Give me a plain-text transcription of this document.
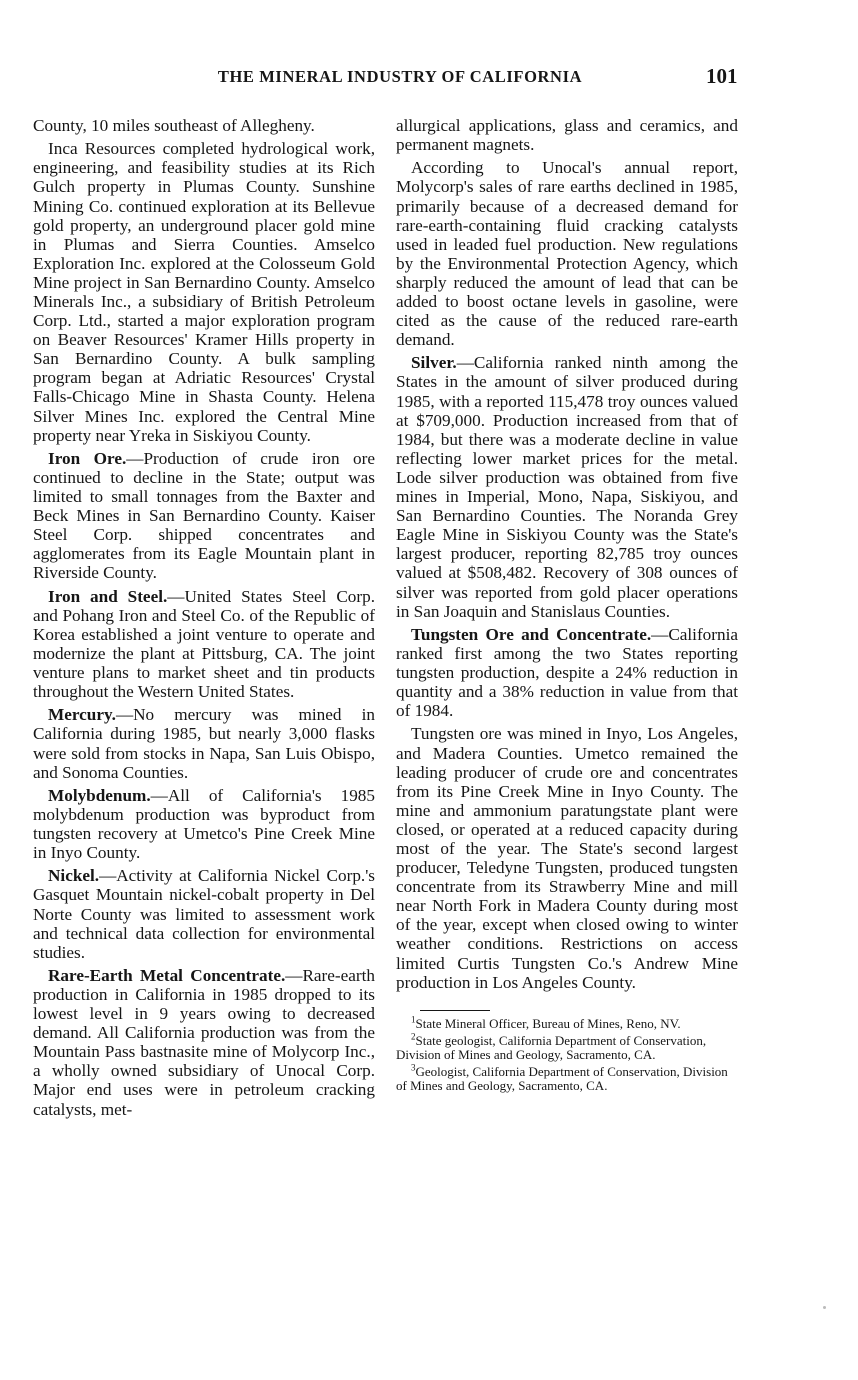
THE MINERAL INDUSTRY OF CALIFORNIA	101

County, 10 miles southeast of Allegheny.

Inca Resources completed hydrological work, engineering, and feasibility studies at its Rich Gulch property in Plumas County. Sunshine Mining Co. continued exploration at its Bellevue gold property, an underground placer gold mine in Plumas and Sierra Counties. Amselco Exploration Inc. explored at the Colosseum Gold Mine project in San Bernardino County. Amselco Minerals Inc., a subsidiary of British Petroleum Corp. Ltd., started a major exploration program on Beaver Resources' Kramer Hills property in San Bernardino County. A bulk sampling program began at Adriatic Resources' Crystal Falls-Chicago Mine in Shasta County. Helena Silver Mines Inc. explored the Central Mine property near Yreka in Siskiyou County.

Iron Ore.—Production of crude iron ore continued to decline in the State; output was limited to small tonnages from the Baxter and Beck Mines in San Bernardino County. Kaiser Steel Corp. shipped concentrates and agglomerates from its Eagle Mountain plant in Riverside County.

Iron and Steel.—United States Steel Corp. and Pohang Iron and Steel Co. of the Republic of Korea established a joint venture to operate and modernize the plant at Pittsburg, CA. The joint venture plans to market sheet and tin products throughout the Western United States.

Mercury.—No mercury was mined in California during 1985, but nearly 3,000 flasks were sold from stocks in Napa, San Luis Obispo, and Sonoma Counties.

Molybdenum.—All of California's 1985 molybdenum production was byproduct from tungsten recovery at Umetco's Pine Creek Mine in Inyo County.

Nickel.—Activity at California Nickel Corp.'s Gasquet Mountain nickel-cobalt property in Del Norte County was limited to assessment work and technical data collection for environmental studies.

Rare-Earth Metal Concentrate.—Rare-earth production in California in 1985 dropped to its lowest level in 9 years owing to decreased demand. All California production was from the Mountain Pass bastnasite mine of Molycorp Inc., a wholly owned subsidiary of Unocal Corp. Major end uses were in petroleum cracking catalysts, met-

allurgical applications, glass and ceramics, and permanent magnets.

According to Unocal's annual report, Molycorp's sales of rare earths declined in 1985, primarily because of a decreased demand for rare-earth-containing fluid cracking catalysts used in leaded fuel production. New regulations by the Environmental Protection Agency, which sharply reduced the amount of lead that can be added to boost octane levels in gasoline, were cited as the cause of the reduced rare-earth demand.

Silver.—California ranked ninth among the States in the amount of silver produced during 1985, with a reported 115,478 troy ounces valued at $709,000. Production increased from that of 1984, but there was a moderate decline in value reflecting lower market prices for the metal. Lode silver production was obtained from five mines in Imperial, Mono, Napa, Siskiyou, and San Bernardino Counties. The Noranda Grey Eagle Mine in Siskiyou County was the State's largest producer, reporting 82,785 troy ounces valued at $508,482. Recovery of 308 ounces of silver was reported from gold placer operations in San Joaquin and Stanislaus Counties.

Tungsten Ore and Concentrate.—California ranked first among the two States reporting tungsten production, despite a 24% reduction in quantity and a 38% reduction in value from that of 1984.

Tungsten ore was mined in Inyo, Los Angeles, and Madera Counties. Umetco remained the leading producer of crude ore and concentrates from its Pine Creek Mine in Inyo County. The mine and ammonium paratungstate plant were closed, or operated at a reduced capacity during most of the year. The State's second largest producer, Teledyne Tungsten, produced tungsten concentrate from its Strawberry Mine and mill near North Fork in Madera County during most of the year, except when closed owing to winter weather conditions. Restrictions on access limited Curtis Tungsten Co.'s Andrew Mine production in Los Angeles County.

$^1$State Mineral Officer, Bureau of Mines, Reno, NV.

$^2$State geologist, California Department of Conservation, Division of Mines and Geology, Sacramento, CA.

$^3$Geologist, California Department of Conservation, Division of Mines and Geology, Sacramento, CA.
